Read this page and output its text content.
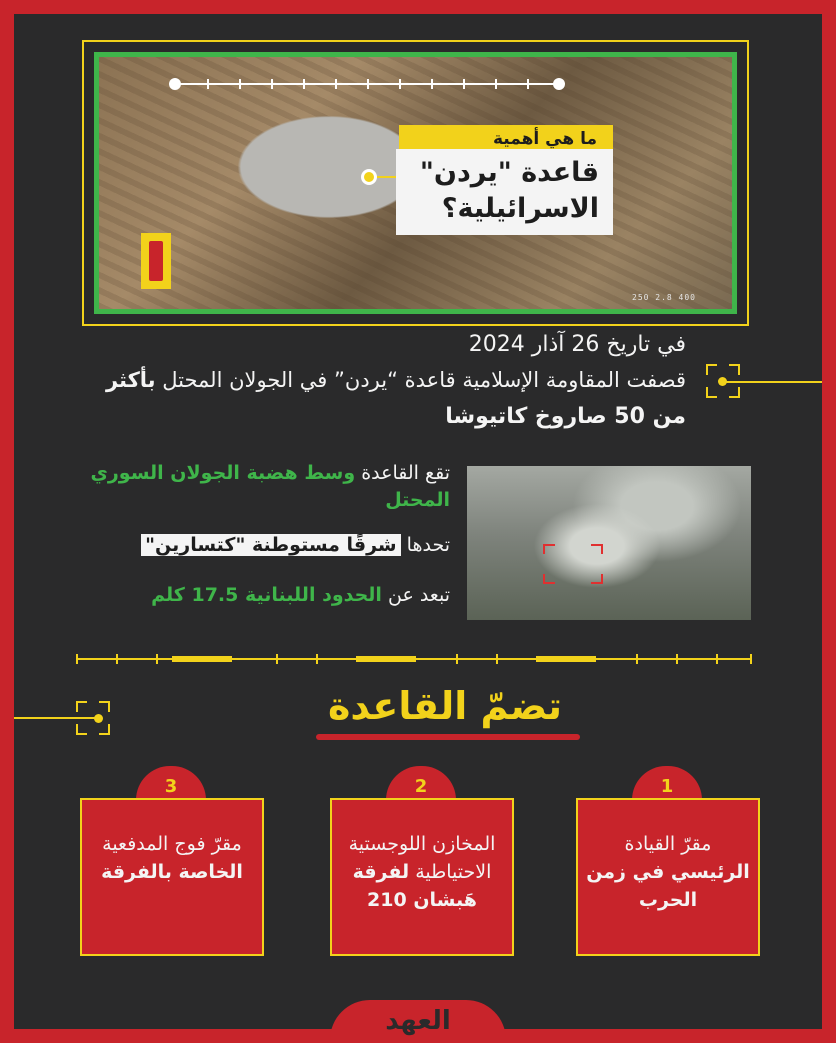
ما هي أهمية
قاعدة "يردن"
الاسرائيلية؟
250 2.8 400
في تاريخ 26 آذار 2024
قصفت المقاومة الإسلامية قاعدة “يردن” في الجولان المحتل بأكثر
من 50 صاروخ كاتيوشا
تقع القاعدة وسط هضبة الجولان السوري المحتل
تحدها شرقًا مستوطنة "كتسارين"
تبعد عن الحدود اللبنانية 17.5 كلم
تضمّ القاعدة
1
مقرّ القيادة
الرئيسي في زمن الحرب
2
المخازن اللوجستية الاحتياطية لفرقة هَبشان 210
3
مقرّ فوج المدفعية الخاصة بالفرقة
العهد
